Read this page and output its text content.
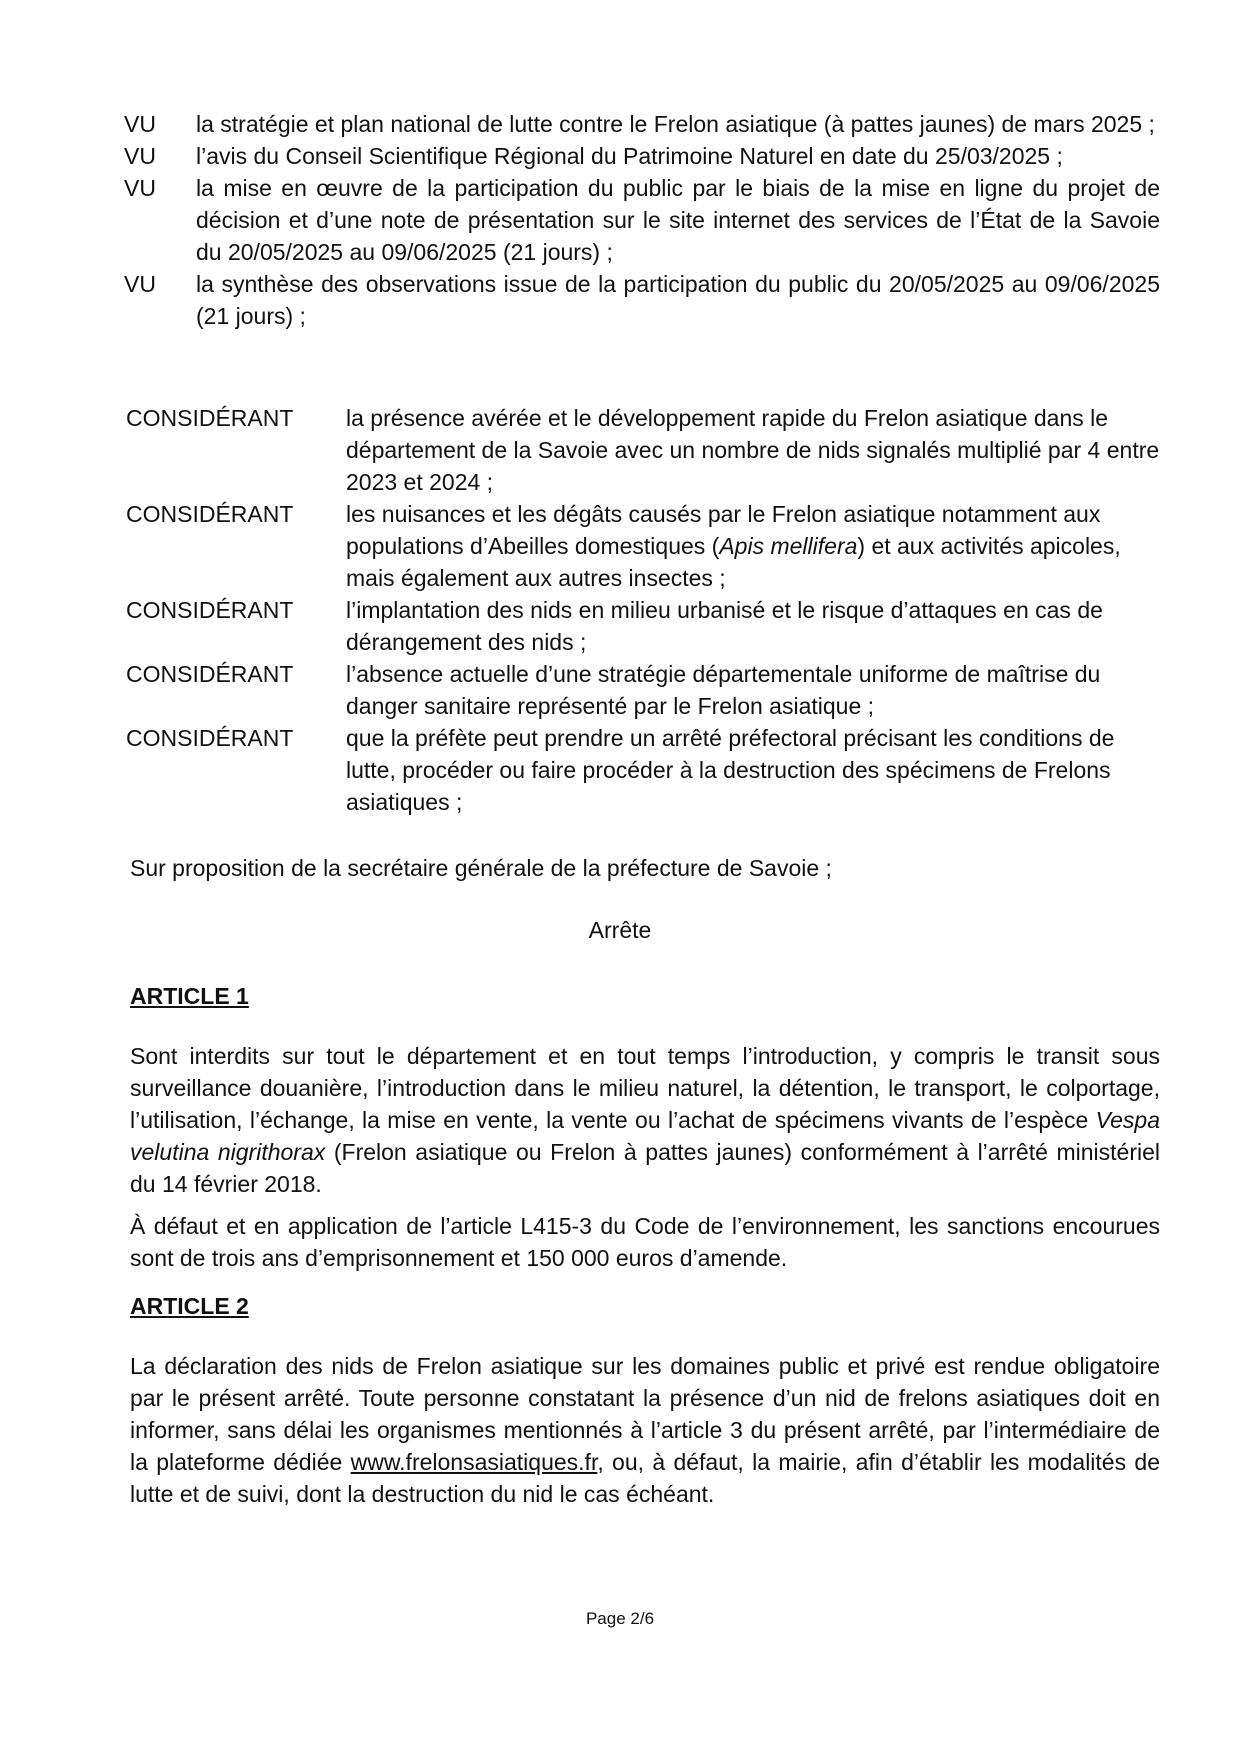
VU	la stratégie et plan national de lutte contre le Frelon asiatique (à pattes jaunes) de mars 2025 ;
VU	l’avis du Conseil Scientifique Régional du Patrimoine Naturel en date du 25/03/2025 ;
VU	la mise en œuvre de la participation du public par le biais de la mise en ligne du projet de décision et d’une note de présentation sur le site internet des services de l’État de la Savoie du 20/05/2025 au 09/06/2025 (21 jours) ;
VU	la synthèse des observations issue de la participation du public du 20/05/2025 au 09/06/2025 (21 jours) ;
CONSIDÉRANT	la présence avérée et le développement rapide du Frelon asiatique dans le département de la Savoie avec un nombre de nids signalés multiplié par 4 entre 2023 et 2024 ;
CONSIDÉRANT	les nuisances et les dégâts causés par le Frelon asiatique notamment aux populations d’Abeilles domestiques (Apis mellifera) et aux activités apicoles, mais également aux autres insectes ;
CONSIDÉRANT	l’implantation des nids en milieu urbanisé et le risque d’attaques en cas de dérangement des nids ;
CONSIDÉRANT	l’absence actuelle d’une stratégie départementale uniforme de maîtrise du danger sanitaire représenté par le Frelon asiatique ;
CONSIDÉRANT	que la préfète peut prendre un arrêté préfectoral précisant les conditions de lutte, procéder ou faire procéder à la destruction des spécimens de Frelons asiatiques ;
Sur proposition de la secrétaire générale de la préfecture de Savoie ;
Arrête
ARTICLE 1
Sont interdits sur tout le département et en tout temps l’introduction, y compris le transit sous surveillance douanière, l’introduction dans le milieu naturel, la détention, le transport, le colportage, l’utilisation, l’échange, la mise en vente, la vente ou l’achat de spécimens vivants de l’espèce Vespa velutina nigrithorax (Frelon asiatique ou Frelon à pattes jaunes) conformément à l’arrêté ministériel du 14 février 2018.
À défaut et en application de l’article L415-3 du Code de l’environnement, les sanctions encourues sont de trois ans d’emprisonnement et 150 000 euros d’amende.
ARTICLE 2
La déclaration des nids de Frelon asiatique sur les domaines public et privé est rendue obligatoire par le présent arrêté. Toute personne constatant la présence d’un nid de frelons asiatiques doit en informer, sans délai les organismes mentionnés à l’article 3 du présent arrêté, par l’intermédiaire de la plateforme dédiée www.frelonsasiatiques.fr, ou, à défaut, la mairie, afin d’établir les modalités de lutte et de suivi, dont la destruction du nid le cas échéant.
Page 2/6
